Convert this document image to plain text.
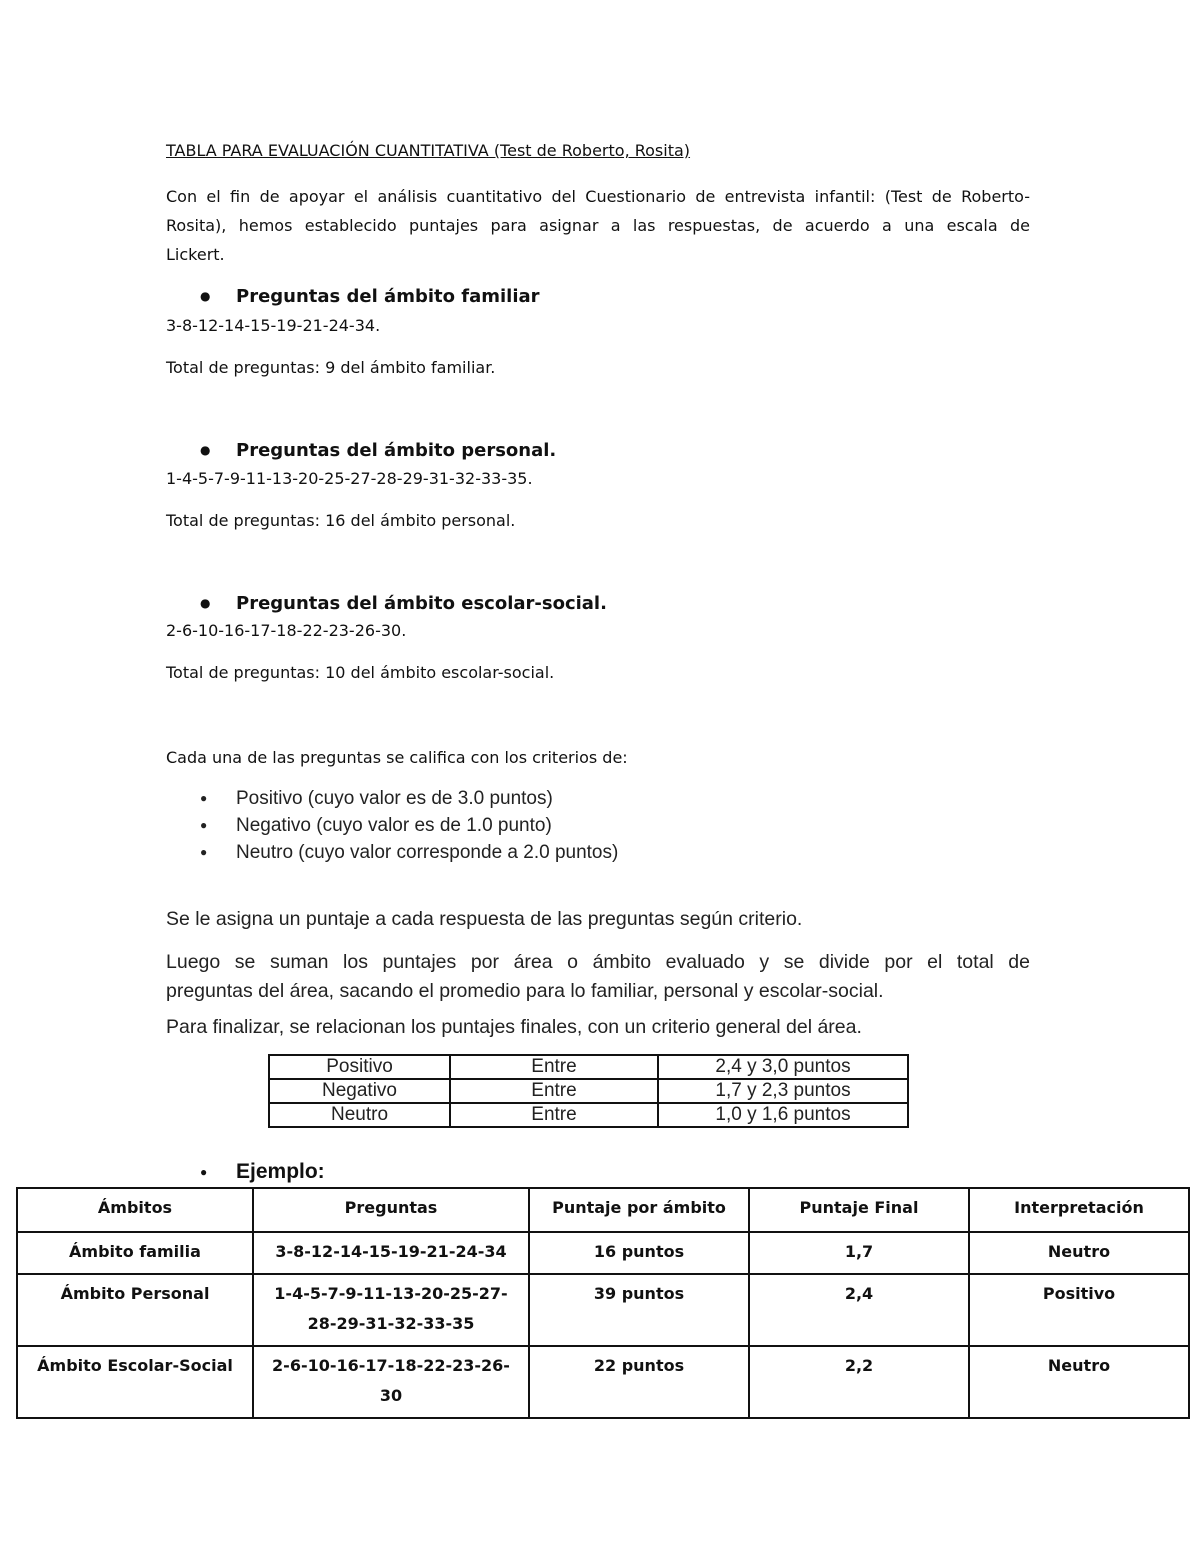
TABLA PARA EVALUACIÓN CUANTITATIVA (Test de Roberto, Rosita)
Con el fin de apoyar el análisis cuantitativo del Cuestionario de entrevista infantil: (Test de Roberto-
Rosita), hemos establecido puntajes para asignar a las respuestas, de acuerdo a una escala de
Lickert.
●Preguntas del ámbito familiar
3-8-12-14-15-19-21-24-34.
Total de preguntas: 9 del ámbito familiar.
●Preguntas del ámbito personal.
1-4-5-7-9-11-13-20-25-27-28-29-31-32-33-35.
Total de preguntas: 16 del ámbito personal.
●Preguntas del ámbito escolar-social.
2-6-10-16-17-18-22-23-26-30.
Total de preguntas: 10 del ámbito escolar-social.
Cada una de las preguntas se califica con los criterios de:
●Positivo (cuyo valor es de 3.0 puntos)
●Negativo (cuyo valor es de 1.0 punto)
●Neutro (cuyo valor corresponde a 2.0 puntos)
Se le asigna un puntaje a cada respuesta de las preguntas según criterio.
Luego se suman los puntajes por área o ámbito evaluado y se divide por el total de
preguntas del área, sacando el promedio para lo familiar, personal y escolar-social.
Para finalizar, se relacionan los puntajes finales, con un criterio general del área.
Positivo	Entre	2,4 y 3,0 puntos
Negativo	Entre	1,7 y 2,3 puntos
Neutro	Entre	1,0 y 1,6 puntos
●Ejemplo:
Ámbitos	Preguntas	Puntaje por ámbito	Puntaje Final	Interpretación
Ámbito familia	3-8-12-14-15-19-21-24-34	16 puntos	1,7	Neutro
Ámbito Personal	1-4-5-7-9-11-13-20-25-27-28-29-31-32-33-35	39 puntos	2,4	Positivo
Ámbito Escolar-Social	2-6-10-16-17-18-22-23-26-30	22 puntos	2,2	Neutro
